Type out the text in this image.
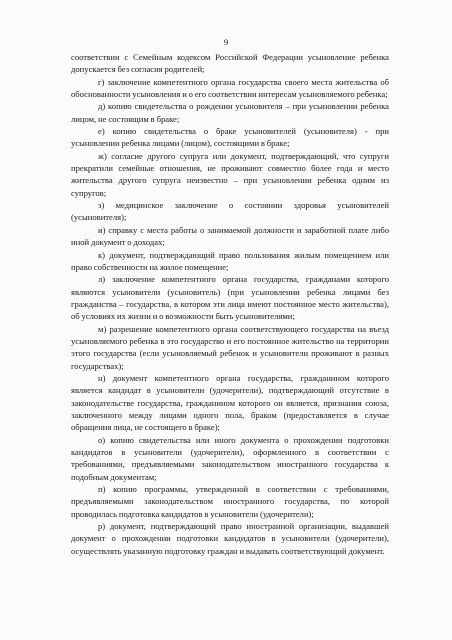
9

соответствии с Семейным кодексом Российской Федерации усыновление ребенка допускается без согласия родителей;

г) заключение компетентного органа государства своего места жительства об обоснованности усыновления и о его соответствии интересам усыновляемого ребенка;

д) копию свидетельства о рождении усыновителя – при усыновлении ребенка лицом, не состоящим в браке;

е) копию свидетельства о браке усыновителей (усыновителя) - при усыновлении ребенка лицами (лицом), состоящими в браке;

ж) согласие другого супруга или документ, подтверждающий, что супруги прекратили семейные отношения, не проживают совместно более года и место жительства другого супруга неизвестно – при усыновлении ребенка одним из супругов;

з) медицинское заключение о состоянии здоровья усыновителей (усыновителя);

и) справку с места работы о занимаемой должности и заработной плате либо иной документ о доходах;

к) документ, подтверждающий право пользования жилым помещением или право собственности на жилое помещение;

л) заключение компетентного органа государства, гражданами которого являются усыновители (усыновитель) (при усыновлении ребенка лицами без гражданства – государства, в котором эти лица имеют постоянное место жительства), об условиях их жизни и о возможности быть усыновителями;

м) разрешение компетентного органа соответствующего государства на въезд усыновляемого ребенка в это государство и его постоянное жительство на территории этого государства (если усыновляемый ребенок и усыновители проживают в разных государствах);

н) документ компетентного органа государства, гражданином которого является кандидат в усыновители (удочерители), подтверждающий отсутствие в законодательстве государства, гражданином которого он является, признания союза, заключенного между лицами одного пола, браком (предоставляется в случае обращения лица, не состоящего в браке);

о) копию свидетельства или иного документа о прохождении подготовки кандидатов в усыновители (удочерители), оформленного в соответствии с требованиями, предъявляемыми законодательством иностранного государства к подобным документам;

п) копию программы, утвержденной в соответствии с требованиями, предъявляемыми законодательством иностранного государства, по которой проводилась подготовка кандидатов в усыновители (удочерители);

р) документ, подтверждающий право иностранной организации, выдавшей документ о прохождении подготовки кандидатов в усыновители (удочерители), осуществлять указанную подготовку граждан и выдавать соответствующий документ.
